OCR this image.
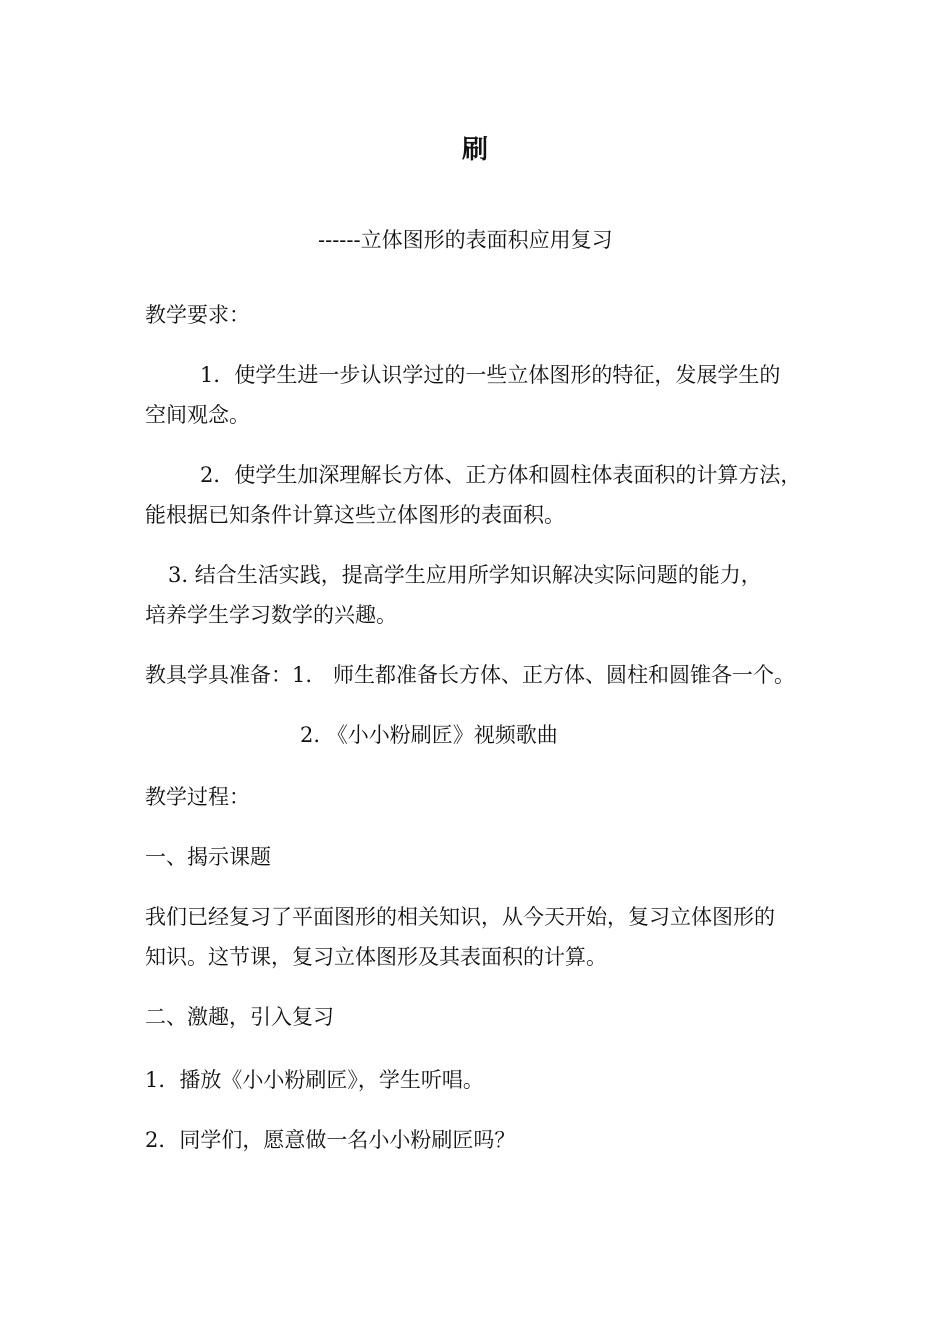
刷
------立体图形的表面积应用复习
教学要求：
1．使学生进一步认识学过的一些立体图形的特征，发展学生的
空间观念。
2．使学生加深理解长方体、正方体和圆柱体表面积的计算方法，
能根据已知条件计算这些立体图形的表面积。
3. 结合生活实践，提高学生应用所学知识解决实际问题的能力，
培养学生学习数学的兴趣。
教具学具准备：1.　师生都准备长方体、正方体、圆柱和圆锥各一个。
2. 《小小粉刷匠》视频歌曲
教学过程：
一、揭示课题
我们已经复习了平面图形的相关知识，从今天开始，复习立体图形的
知识。这节课，复习立体图形及其表面积的计算。
二、激趣，引入复习
1．播放《小小粉刷匠》，学生听唱。
2．同学们，愿意做一名小小粉刷匠吗？
